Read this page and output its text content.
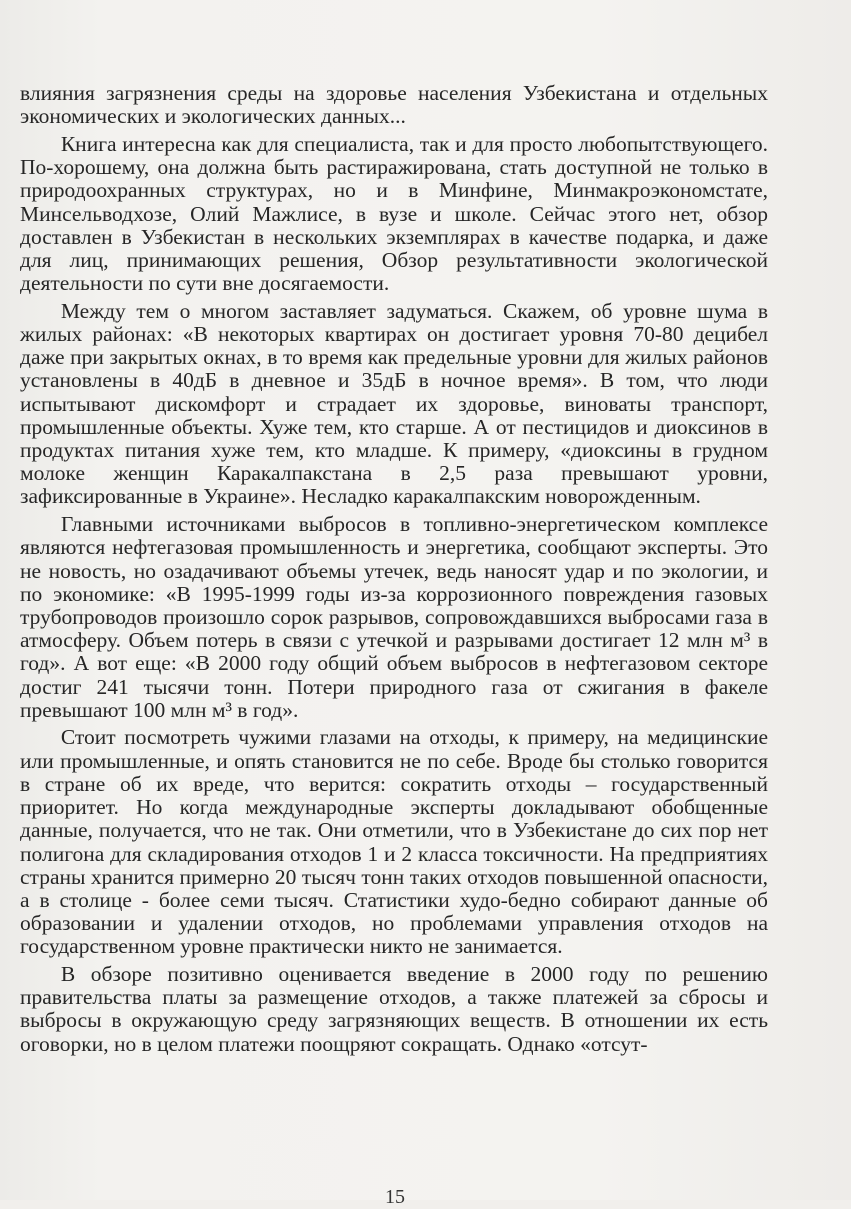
влияния загрязнения среды на здоровье населения Узбекистана и отдельных экономических и экологических данных...

Книга интересна как для специалиста, так и для просто любопытствующего. По-хорошему, она должна быть растиражирована, стать доступной не только в природоохранных структурах, но и в Минфине, Минмакроэкономстате, Минсельводхозе, Олий Мажлисе, в вузе и школе. Сейчас этого нет, обзор доставлен в Узбекистан в нескольких экземплярах в качестве подарка, и даже для лиц, принимающих решения, Обзор результативности экологической деятельности по сути вне досягаемости.

Между тем о многом заставляет задуматься. Скажем, об уровне шума в жилых районах: «В некоторых квартирах он достигает уровня 70-80 децибел даже при закрытых окнах, в то время как предельные уровни для жилых районов установлены в 40дБ в дневное и 35дБ в ночное время». В том, что люди испытывают дискомфорт и страдает их здоровье, виноваты транспорт, промышленные объекты. Хуже тем, кто старше. А от пестицидов и диоксинов в продуктах питания хуже тем, кто младше. К примеру, «диоксины в грудном молоке женщин Каракалпакстана в 2,5 раза превышают уровни, зафиксированные в Украине». Несладко каракалпакским новорожденным.

Главными источниками выбросов в топливно-энергетическом комплексе являются нефтегазовая промышленность и энергетика, сообщают эксперты. Это не новость, но озадачивают объемы утечек, ведь наносят удар и по экологии, и по экономике: «В 1995-1999 годы из-за коррозионного повреждения газовых трубопроводов произошло сорок разрывов, сопровождавшихся выбросами газа в атмосферу. Объем потерь в связи с утечкой и разрывами достигает 12 млн м³ в год». А вот еще: «В 2000 году общий объем выбросов в нефтегазовом секторе достиг 241 тысячи тонн. Потери природного газа от сжигания в факеле превышают 100 млн м³ в год».

Стоит посмотреть чужими глазами на отходы, к примеру, на медицинские или промышленные, и опять становится не по себе. Вроде бы столько говорится в стране об их вреде, что верится: сократить отходы – государственный приоритет. Но когда международные эксперты докладывают обобщенные данные, получается, что не так. Они отметили, что в Узбекистане до сих пор нет полигона для складирования отходов 1 и 2 класса токсичности. На предприятиях страны хранится примерно 20 тысяч тонн таких отходов повышенной опасности, а в столице - более семи тысяч. Статистики худо-бедно собирают данные об образовании и удалении отходов, но проблемами управления отходов на государственном уровне практически никто не занимается.

В обзоре позитивно оценивается введение в 2000 году по решению правительства платы за размещение отходов, а также платежей за сбросы и выбросы в окружающую среду загрязняющих веществ. В отношении их есть оговорки, но в целом платежи поощряют сокращать. Однако «отсут-

15
